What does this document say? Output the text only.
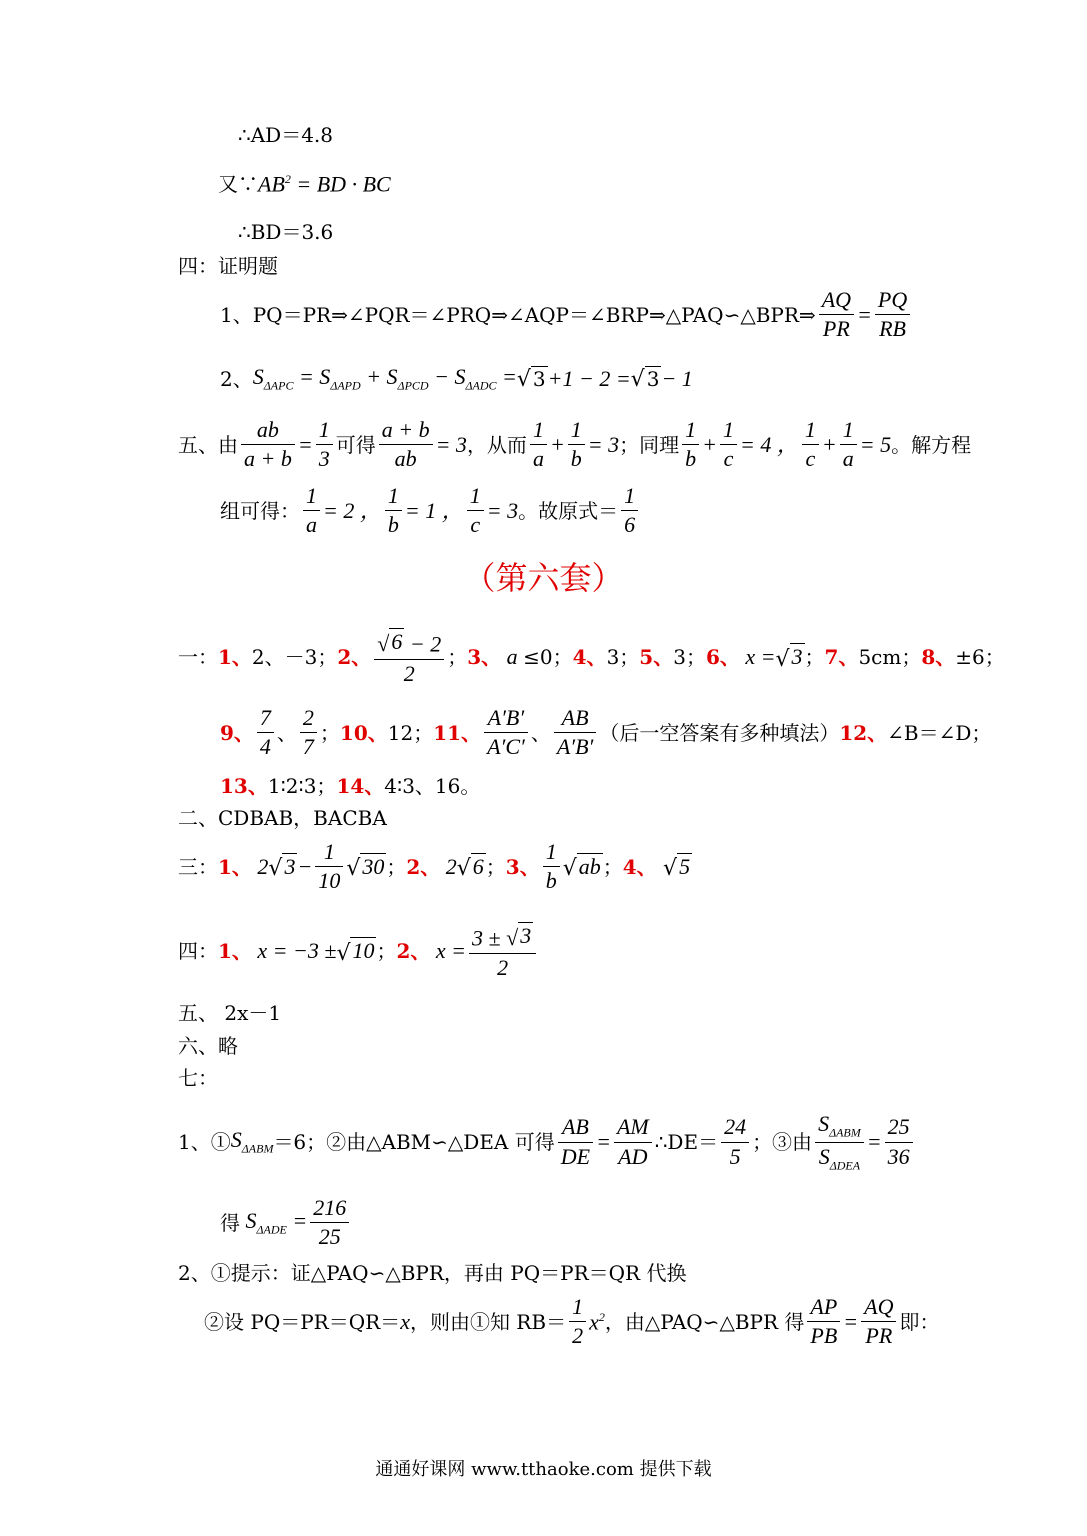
∴AD＝4.8
又∵ $AB^2$ = BD · BC
∴BD＝3.6
四：证明题
1、PQ＝PR⇒∠PQR＝∠PRQ⇒∠AQP＝∠BRP⇒△PAQ∽△BPR⇒ $\frac{AQ}{PR} = \frac{PQ}{RB}$
2、 $S_{\Delta APC} = S_{\Delta APD} + S_{\Delta PCD} - S_{\Delta ADC}$ = √ 3 +1 − 2 = √ 3 − 1
五、由 $\frac{ab}{a + b} = \frac{1}{3}$ 可得 $\frac{a + b}{ab} = 3$ ，从而 $\frac{1}{a} + \frac{1}{b} = 3$ ；同理 $\frac{1}{b} + \frac{1}{c} = 4$ ， $\frac{1}{c} + \frac{1}{a} = 5$ 。解方程
组可得： $\frac{1}{a} = 2$ ， $\frac{1}{b} = 1$ ， $\frac{1}{c} = 3$ 。故原式＝ $\frac{1}{6}$
（第六套）
一： 1、 2、－3； 2、 $\frac{√ 6 - 2}{2}$ ； 3、 a ≤0； 4、 3； 5、 3； 6、 x = √ 3 ； 7、 5cm； 8、 ±6；
9、 $\frac{7}{4}$ 、 $\frac{2}{7}$ ； 10、 12； 11、 $\frac{A'B'}{A'C'}$ 、 $\frac{AB}{A'B'}$ （后一空答案有多种填法） 12、 ∠B＝∠D；
13、 1∶2∶3； 14、 4∶3、16。
二、CDBAB，BACBA
三： 1、 2 √ $3 - \frac{1}{10}$ √ 30 ； 2、 2 √ 6 ； 3、 $\frac{1}{b}$ √ ab ； 4、
√ 5
四： 1、 x = −3 ± √ 10 ； 2、 $x = \frac{3 \pm √ 3}{2}$
五、 2x－1
六、略
七：
1、① $S_{\Delta ABM} =6$；②由△ABM∽△DEA 可得 $\frac{AB}{DE} = \frac{AM}{AD}$ ∴DE＝ $\frac{24}{5}$ ；③由 $\frac{S_{\Delta ABM}}{S_{\Delta DEA}} = \frac{25}{36}$
得 $S_{\Delta ADE} = \frac{216}{25}$
2、①提示：证△PAQ∽△BPR，再由 PQ＝PR＝QR 代换
②设 PQ＝PR＝QR＝ x ，则由①知 $RB= \frac{1}{2} x^2$ ，由△PAQ∽△BPR 得 $\frac{AP}{PB} = \frac{AQ}{PR}$ 即：
通通好课网 www.tthaoke.com 提供下载
